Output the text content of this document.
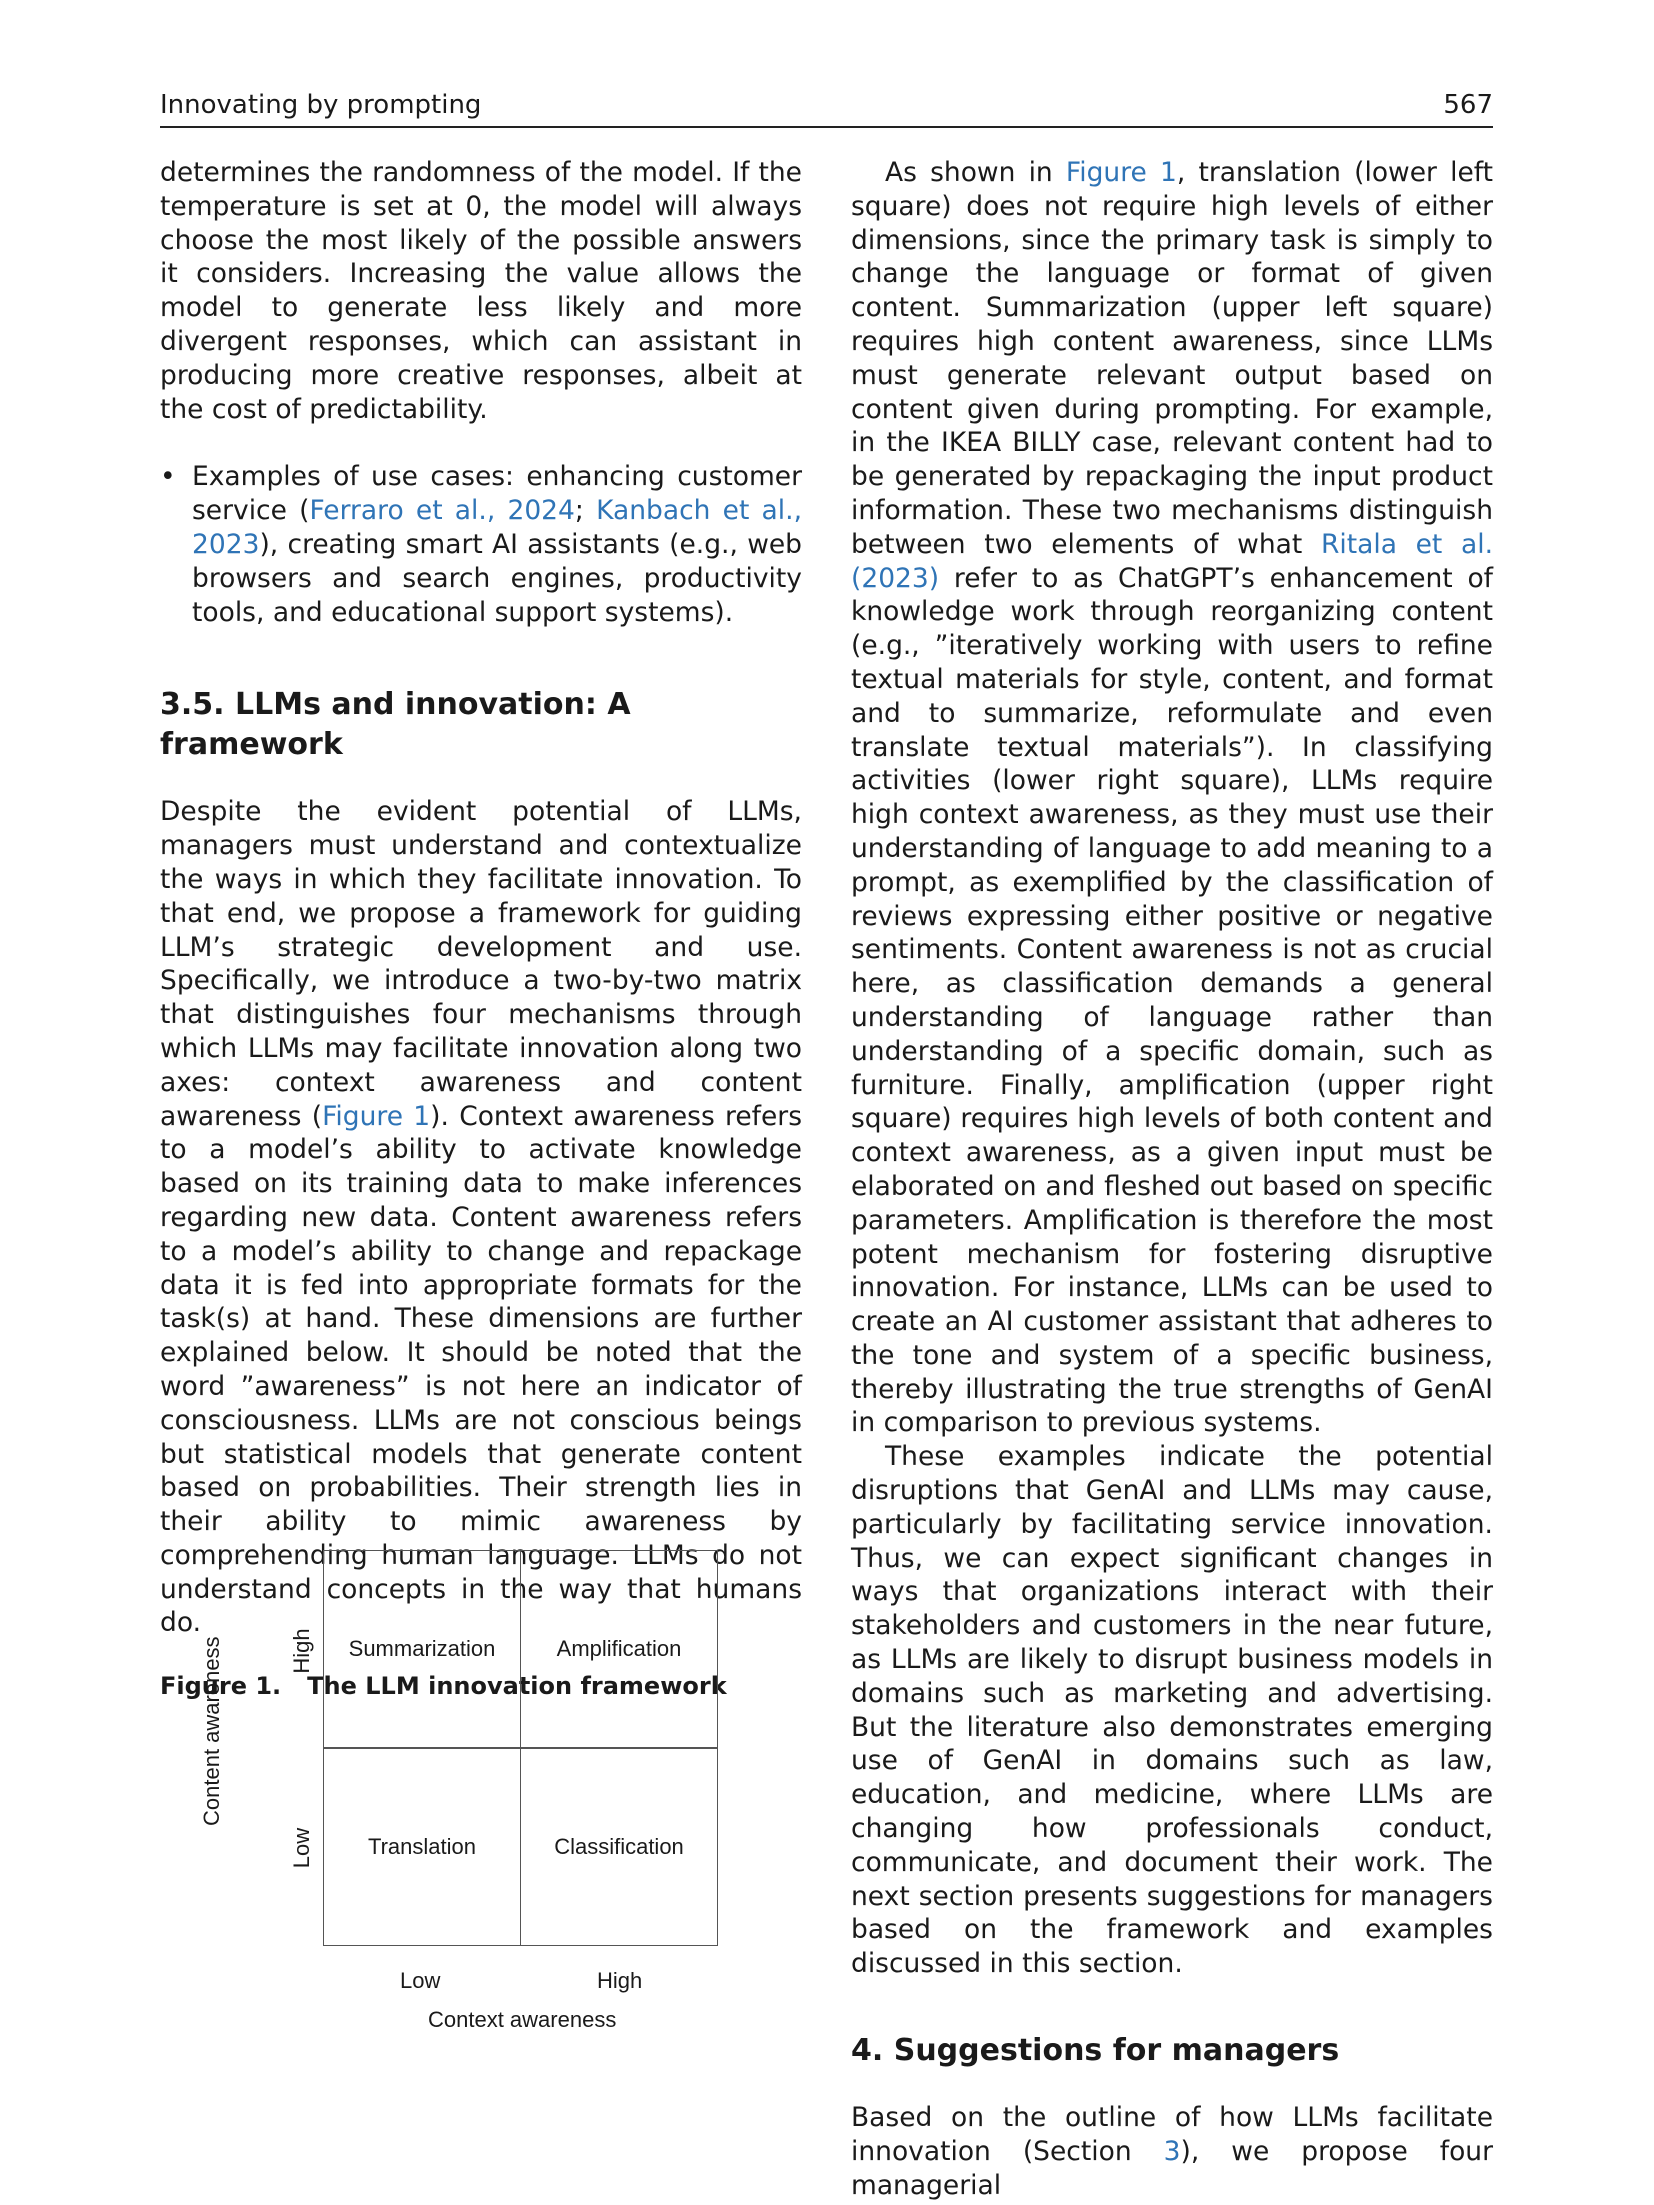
Innovating by prompting	567

determines the randomness of the model. If the temperature is set at 0, the model will always choose the most likely of the possible answers it considers. Increasing the value allows the model to generate less likely and more divergent responses, which can assistant in producing more creative responses, albeit at the cost of predictability.

• Examples of use cases: enhancing customer service (Ferraro et al., 2024; Kanbach et al., 2023), creating smart AI assistants (e.g., web browsers and search engines, productivity tools, and educational support systems).
3.5. LLMs and innovation: A framework

Despite the evident potential of LLMs, managers must understand and contextualize the ways in which they facilitate innovation. To that end, we propose a framework for guiding LLM’s strategic development and use. Specifically, we introduce a two-by-two matrix that distinguishes four mechanisms through which LLMs may facilitate innovation along two axes: context awareness and content awareness (Figure 1). Context awareness refers to a model’s ability to activate knowledge based on its training data to make inferences regarding new data. Content awareness refers to a model’s ability to change and repackage data it is fed into appropriate formats for the task(s) at hand. These dimensions are further explained below. It should be noted that the word ”awareness” is not here an indicator of consciousness. LLMs are not conscious beings but statistical models that generate content based on probabilities. Their strength lies in their ability to mimic awareness by comprehending human language. LLMs do not understand concepts in the way that humans do.

Figure 1. The LLM innovation framework
Summarization	Amplification
Translation	Classification
Content awareness	High
Low
Low	High
Context awareness

As shown in Figure 1, translation (lower left square) does not require high levels of either dimensions, since the primary task is simply to change the language or format of given content. Summarization (upper left square) requires high content awareness, since LLMs must generate relevant output based on content given during prompting. For example, in the IKEA BILLY case, relevant content had to be generated by repackaging the input product information. These two mechanisms distinguish between two elements of what Ritala et al. (2023) refer to as ChatGPT’s enhancement of knowledge work through reorganizing content (e.g., ”iteratively working with users to refine textual materials for style, content, and format and to summarize, reformulate and even translate textual materials”). In classifying activities (lower right square), LLMs require high context awareness, as they must use their understanding of language to add meaning to a prompt, as exemplified by the classification of reviews expressing either positive or negative sentiments. Content awareness is not as crucial here, as classification demands a general understanding of language rather than understanding of a specific domain, such as furniture. Finally, amplification (upper right square) requires high levels of both content and context awareness, as a given input must be elaborated on and fleshed out based on specific parameters. Amplification is therefore the most potent mechanism for fostering disruptive innovation. For instance, LLMs can be used to create an AI customer assistant that adheres to the tone and system of a specific business, thereby illustrating the true strengths of GenAI in comparison to previous systems.

These examples indicate the potential disruptions that GenAI and LLMs may cause, particularly by facilitating service innovation. Thus, we can expect significant changes in ways that organizations interact with their stakeholders and customers in the near future, as LLMs are likely to disrupt business models in domains such as marketing and advertising. But the literature also demonstrates emerging use of GenAI in domains such as law, education, and medicine, where LLMs are changing how professionals conduct, communicate, and document their work. The next section presents suggestions for managers based on the framework and examples discussed in this section.

4. Suggestions for managers

Based on the outline of how LLMs facilitate innovation (Section 3), we propose four managerial
